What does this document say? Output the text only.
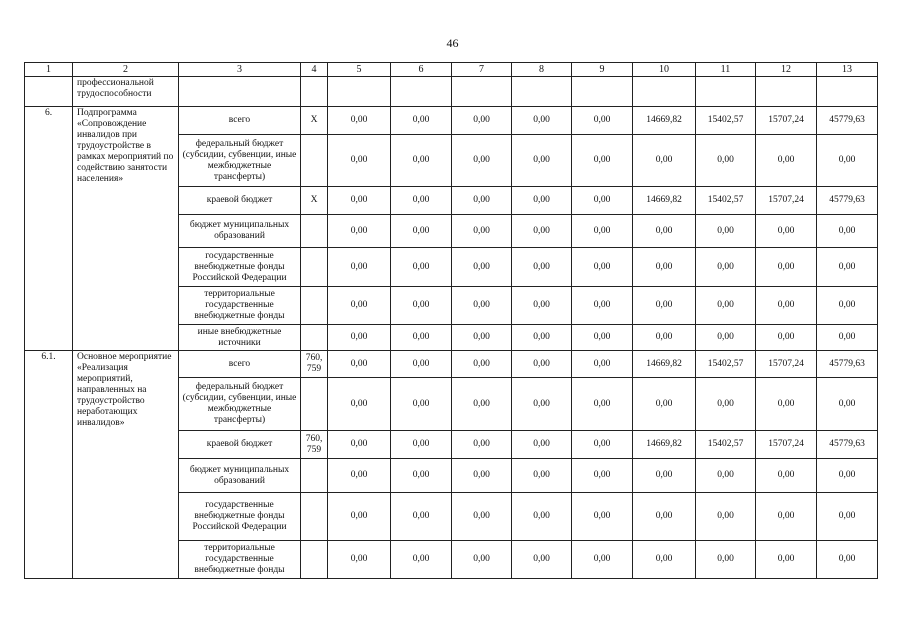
46
1	2	3	4	5	6	7	8	9	10	11	12	13
	профессиональной трудоспособности											
6.	Подпрограмма «Сопровождение инвалидов при трудоустройстве в рамках мероприятий по содействию занятости населения»	всего	X	0,00	0,00	0,00	0,00	0,00	14669,82	15402,57	15707,24	45779,63
		федеральный бюджет (субсидии, субвенции, иные межбюджетные трансферты)		0,00	0,00	0,00	0,00	0,00	0,00	0,00	0,00	0,00
		краевой бюджет	X	0,00	0,00	0,00	0,00	0,00	14669,82	15402,57	15707,24	45779,63
		бюджет муниципальных образований		0,00	0,00	0,00	0,00	0,00	0,00	0,00	0,00	0,00
		государственные внебюджетные фонды Российской Федерации		0,00	0,00	0,00	0,00	0,00	0,00	0,00	0,00	0,00
		территориальные государственные внебюджетные фонды		0,00	0,00	0,00	0,00	0,00	0,00	0,00	0,00	0,00
		иные внебюджетные источники		0,00	0,00	0,00	0,00	0,00	0,00	0,00	0,00	0,00
6.1.	Основное мероприятие «Реализация мероприятий, направленных на трудоустройство неработающих инвалидов»	всего	760, 759	0,00	0,00	0,00	0,00	0,00	14669,82	15402,57	15707,24	45779,63
		федеральный бюджет (субсидии, субвенции, иные межбюджетные трансферты)		0,00	0,00	0,00	0,00	0,00	0,00	0,00	0,00	0,00
		краевой бюджет	760, 759	0,00	0,00	0,00	0,00	0,00	14669,82	15402,57	15707,24	45779,63
		бюджет муниципальных образований		0,00	0,00	0,00	0,00	0,00	0,00	0,00	0,00	0,00
		государственные внебюджетные фонды Российской Федерации		0,00	0,00	0,00	0,00	0,00	0,00	0,00	0,00	0,00
		территориальные государственные внебюджетные фонды		0,00	0,00	0,00	0,00	0,00	0,00	0,00	0,00	0,00
